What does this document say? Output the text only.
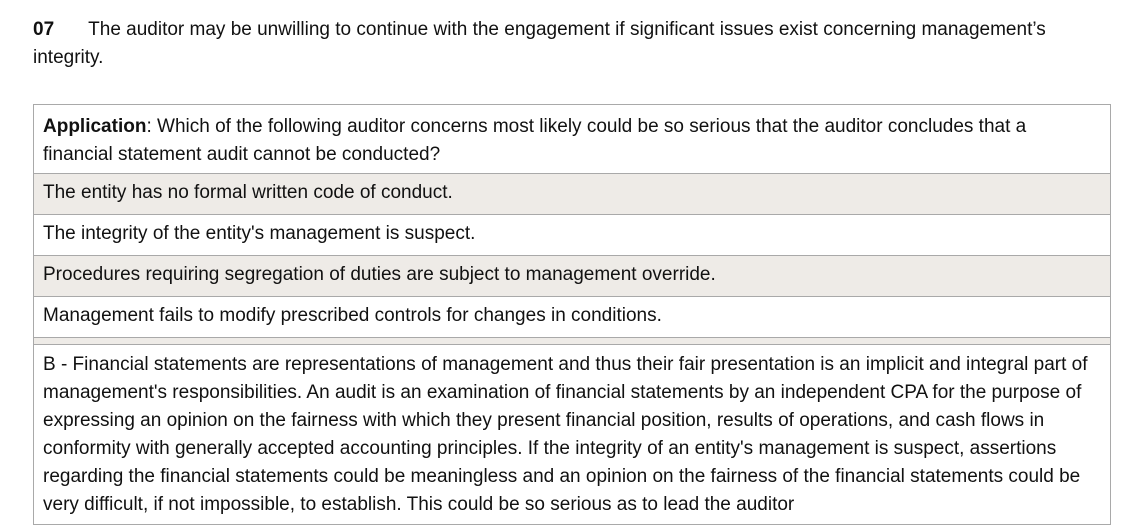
07 The auditor may be unwilling to continue with the engagement if significant issues exist concerning management’s integrity.

Application: Which of the following auditor concerns most likely could be so serious that the auditor concludes that a financial statement audit cannot be conducted?
The entity has no formal written code of conduct.
The integrity of the entity's management is suspect.
Procedures requiring segregation of duties are subject to management override.
Management fails to modify prescribed controls for changes in conditions.

B - Financial statements are representations of management and thus their fair presentation is an implicit and integral part of management's responsibilities. An audit is an examination of financial statements by an independent CPA for the purpose of expressing an opinion on the fairness with which they present financial position, results of operations, and cash flows in conformity with generally accepted accounting principles. If the integrity of an entity's management is suspect, assertions regarding the financial statements could be meaningless and an opinion on the fairness of the financial statements could be very difficult, if not impossible, to establish. This could be so serious as to lead the auditor
